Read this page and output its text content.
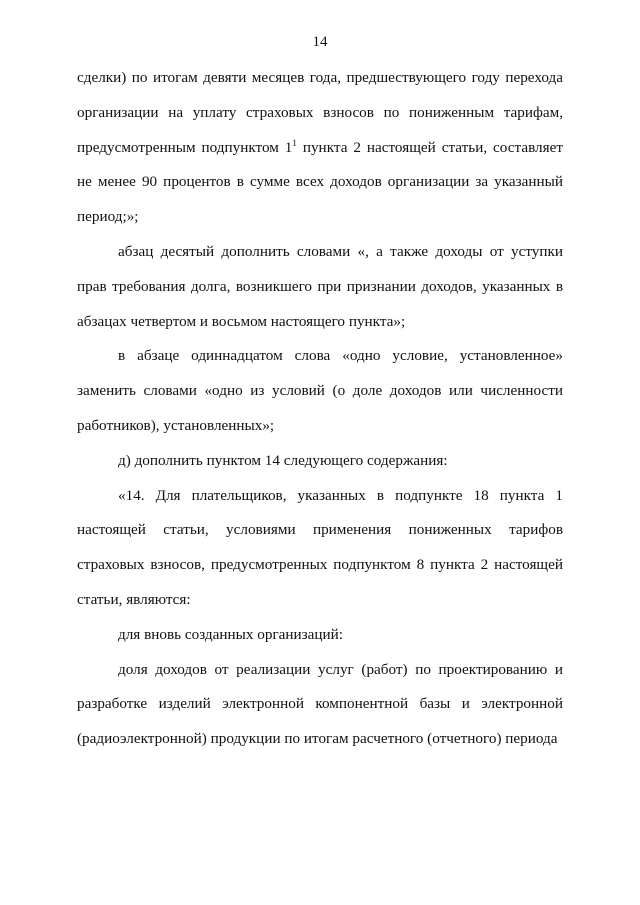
14

сделки) по итогам девяти месяцев года, предшествующего году перехода организации на уплату страховых взносов по пониженным тарифам, предусмотренным подпунктом $1^1$ пункта 2 настоящей статьи, составляет не менее 90 процентов в сумме всех доходов организации за указанный период;»;

абзац десятый дополнить словами «, а также доходы от уступки прав требования долга, возникшего при признании доходов, указанных в абзацах четвертом и восьмом настоящего пункта»;

в абзаце одиннадцатом слова «одно условие, установленное» заменить словами «одно из условий (о доле доходов или численности работников), установленных»;

д) дополнить пунктом 14 следующего содержания:

«14. Для плательщиков, указанных в подпункте 18 пункта 1 настоящей статьи, условиями применения пониженных тарифов страховых взносов, предусмотренных подпунктом 8 пункта 2 настоящей статьи, являются:

для вновь созданных организаций:

доля доходов от реализации услуг (работ) по проектированию и разработке изделий электронной компонентной базы и электронной (радиоэлектронной) продукции по итогам расчетного (отчетного) периода
